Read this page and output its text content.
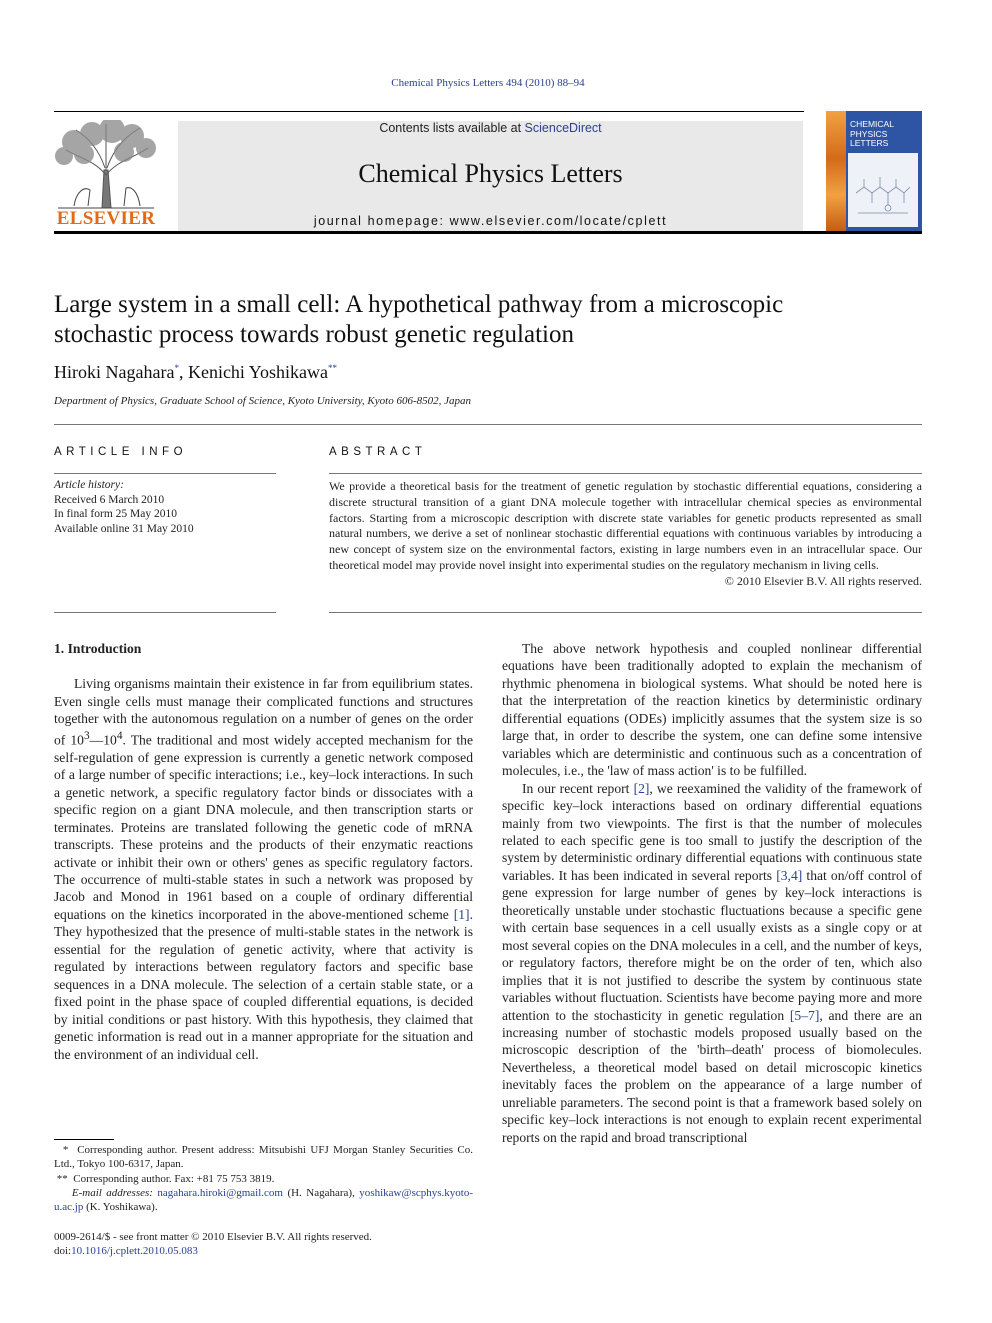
Chemical Physics Letters 494 (2010) 88–94
ELSEVIER
Contents lists available at ScienceDirect
Chemical Physics Letters
journal homepage: www.elsevier.com/locate/cplett
CHEMICAL
PHYSICS
LETTERS
Large system in a small cell: A hypothetical pathway from a microscopic stochastic process towards robust genetic regulation
Hiroki Nagahara*, Kenichi Yoshikawa**
Department of Physics, Graduate School of Science, Kyoto University, Kyoto 606-8502, Japan
ARTICLE INFO	ABSTRACT
Article history:
Received 6 March 2010
In final form 25 May 2010
Available online 31 May 2010
We provide a theoretical basis for the treatment of genetic regulation by stochastic differential equations, considering a discrete structural transition of a giant DNA molecule together with intracellular chemical species as environmental factors. Starting from a microscopic description with discrete state variables for genetic products represented as small natural numbers, we derive a set of nonlinear stochastic differential equations with continuous variables by introducing a new concept of system size on the environmental factors, existing in large numbers even in an intracellular space. Our theoretical model may provide novel insight into experimental studies on the regulatory mechanism in living cells.
© 2010 Elsevier B.V. All rights reserved.
1. Introduction

Living organisms maintain their existence in far from equilibrium states. Even single cells must manage their complicated functions and structures together with the autonomous regulation on a number of genes on the order of $10^3—10^4$. The traditional and most widely accepted mechanism for the self-regulation of gene expression is currently a genetic network composed of a large number of specific interactions; i.e., key–lock interactions. In such a genetic network, a specific regulatory factor binds or dissociates with a specific region on a giant DNA molecule, and then transcription starts or terminates. Proteins are translated following the genetic code of mRNA transcripts. These proteins and the products of their enzymatic reactions activate or inhibit their own or others' genes as specific regulatory factors. The occurrence of multi-stable states in such a network was proposed by Jacob and Monod in 1961 based on a couple of ordinary differential equations on the kinetics incorporated in the above-mentioned scheme [1]. They hypothesized that the presence of multi-stable states in the network is essential for the regulation of genetic activity, where that activity is regulated by interactions between regulatory factors and specific base sequences in a DNA molecule. The selection of a certain stable state, or a fixed point in the phase space of coupled differential equations, is decided by initial conditions or past history. With this hypothesis, they claimed that genetic information is read out in a manner appropriate for the situation and the environment of an individual cell.

The above network hypothesis and coupled nonlinear differential equations have been traditionally adopted to explain the mechanism of rhythmic phenomena in biological systems. What should be noted here is that the interpretation of the reaction kinetics by deterministic ordinary differential equations (ODEs) implicitly assumes that the system size is so large that, in order to describe the system, one can define some intensive variables which are deterministic and continuous such as a concentration of molecules, i.e., the 'law of mass action' is to be fulfilled.

In our recent report [2], we reexamined the validity of the framework of specific key–lock interactions based on ordinary differential equations mainly from two viewpoints. The first is that the number of molecules related to each specific gene is too small to justify the description of the system by deterministic ordinary differential equations with continuous state variables. It has been indicated in several reports [3,4] that on/off control of gene expression for large number of genes by key–lock interactions is theoretically unstable under stochastic fluctuations because a specific gene with certain base sequences in a cell usually exists as a single copy or at most several copies on the DNA molecules in a cell, and the number of keys, or regulatory factors, therefore might be on the order of ten, which also implies that it is not justified to describe the system by continuous state variables without fluctuation. Scientists have become paying more and more attention to the stochasticity in genetic regulation [5–7], and there are an increasing number of stochastic models proposed usually based on the microscopic description of the 'birth–death' process of biomolecules. Nevertheless, a theoretical model based on detail microscopic kinetics inevitably faces the problem on the appearance of a large number of unreliable parameters. The second point is that a framework based solely on specific key–lock interactions is not enough to explain recent experimental reports on the rapid and broad transcriptional

* Corresponding author. Present address: Mitsubishi UFJ Morgan Stanley Securities Co. Ltd., Tokyo 100-6317, Japan.

** Corresponding author. Fax: +81 75 753 3819.

E-mail addresses: nagahara.hiroki@gmail.com (H. Nagahara), yoshikaw@scphys.kyoto-u.ac.jp (K. Yoshikawa).

0009-2614/$ - see front matter © 2010 Elsevier B.V. All rights reserved.
doi:10.1016/j.cplett.2010.05.083
